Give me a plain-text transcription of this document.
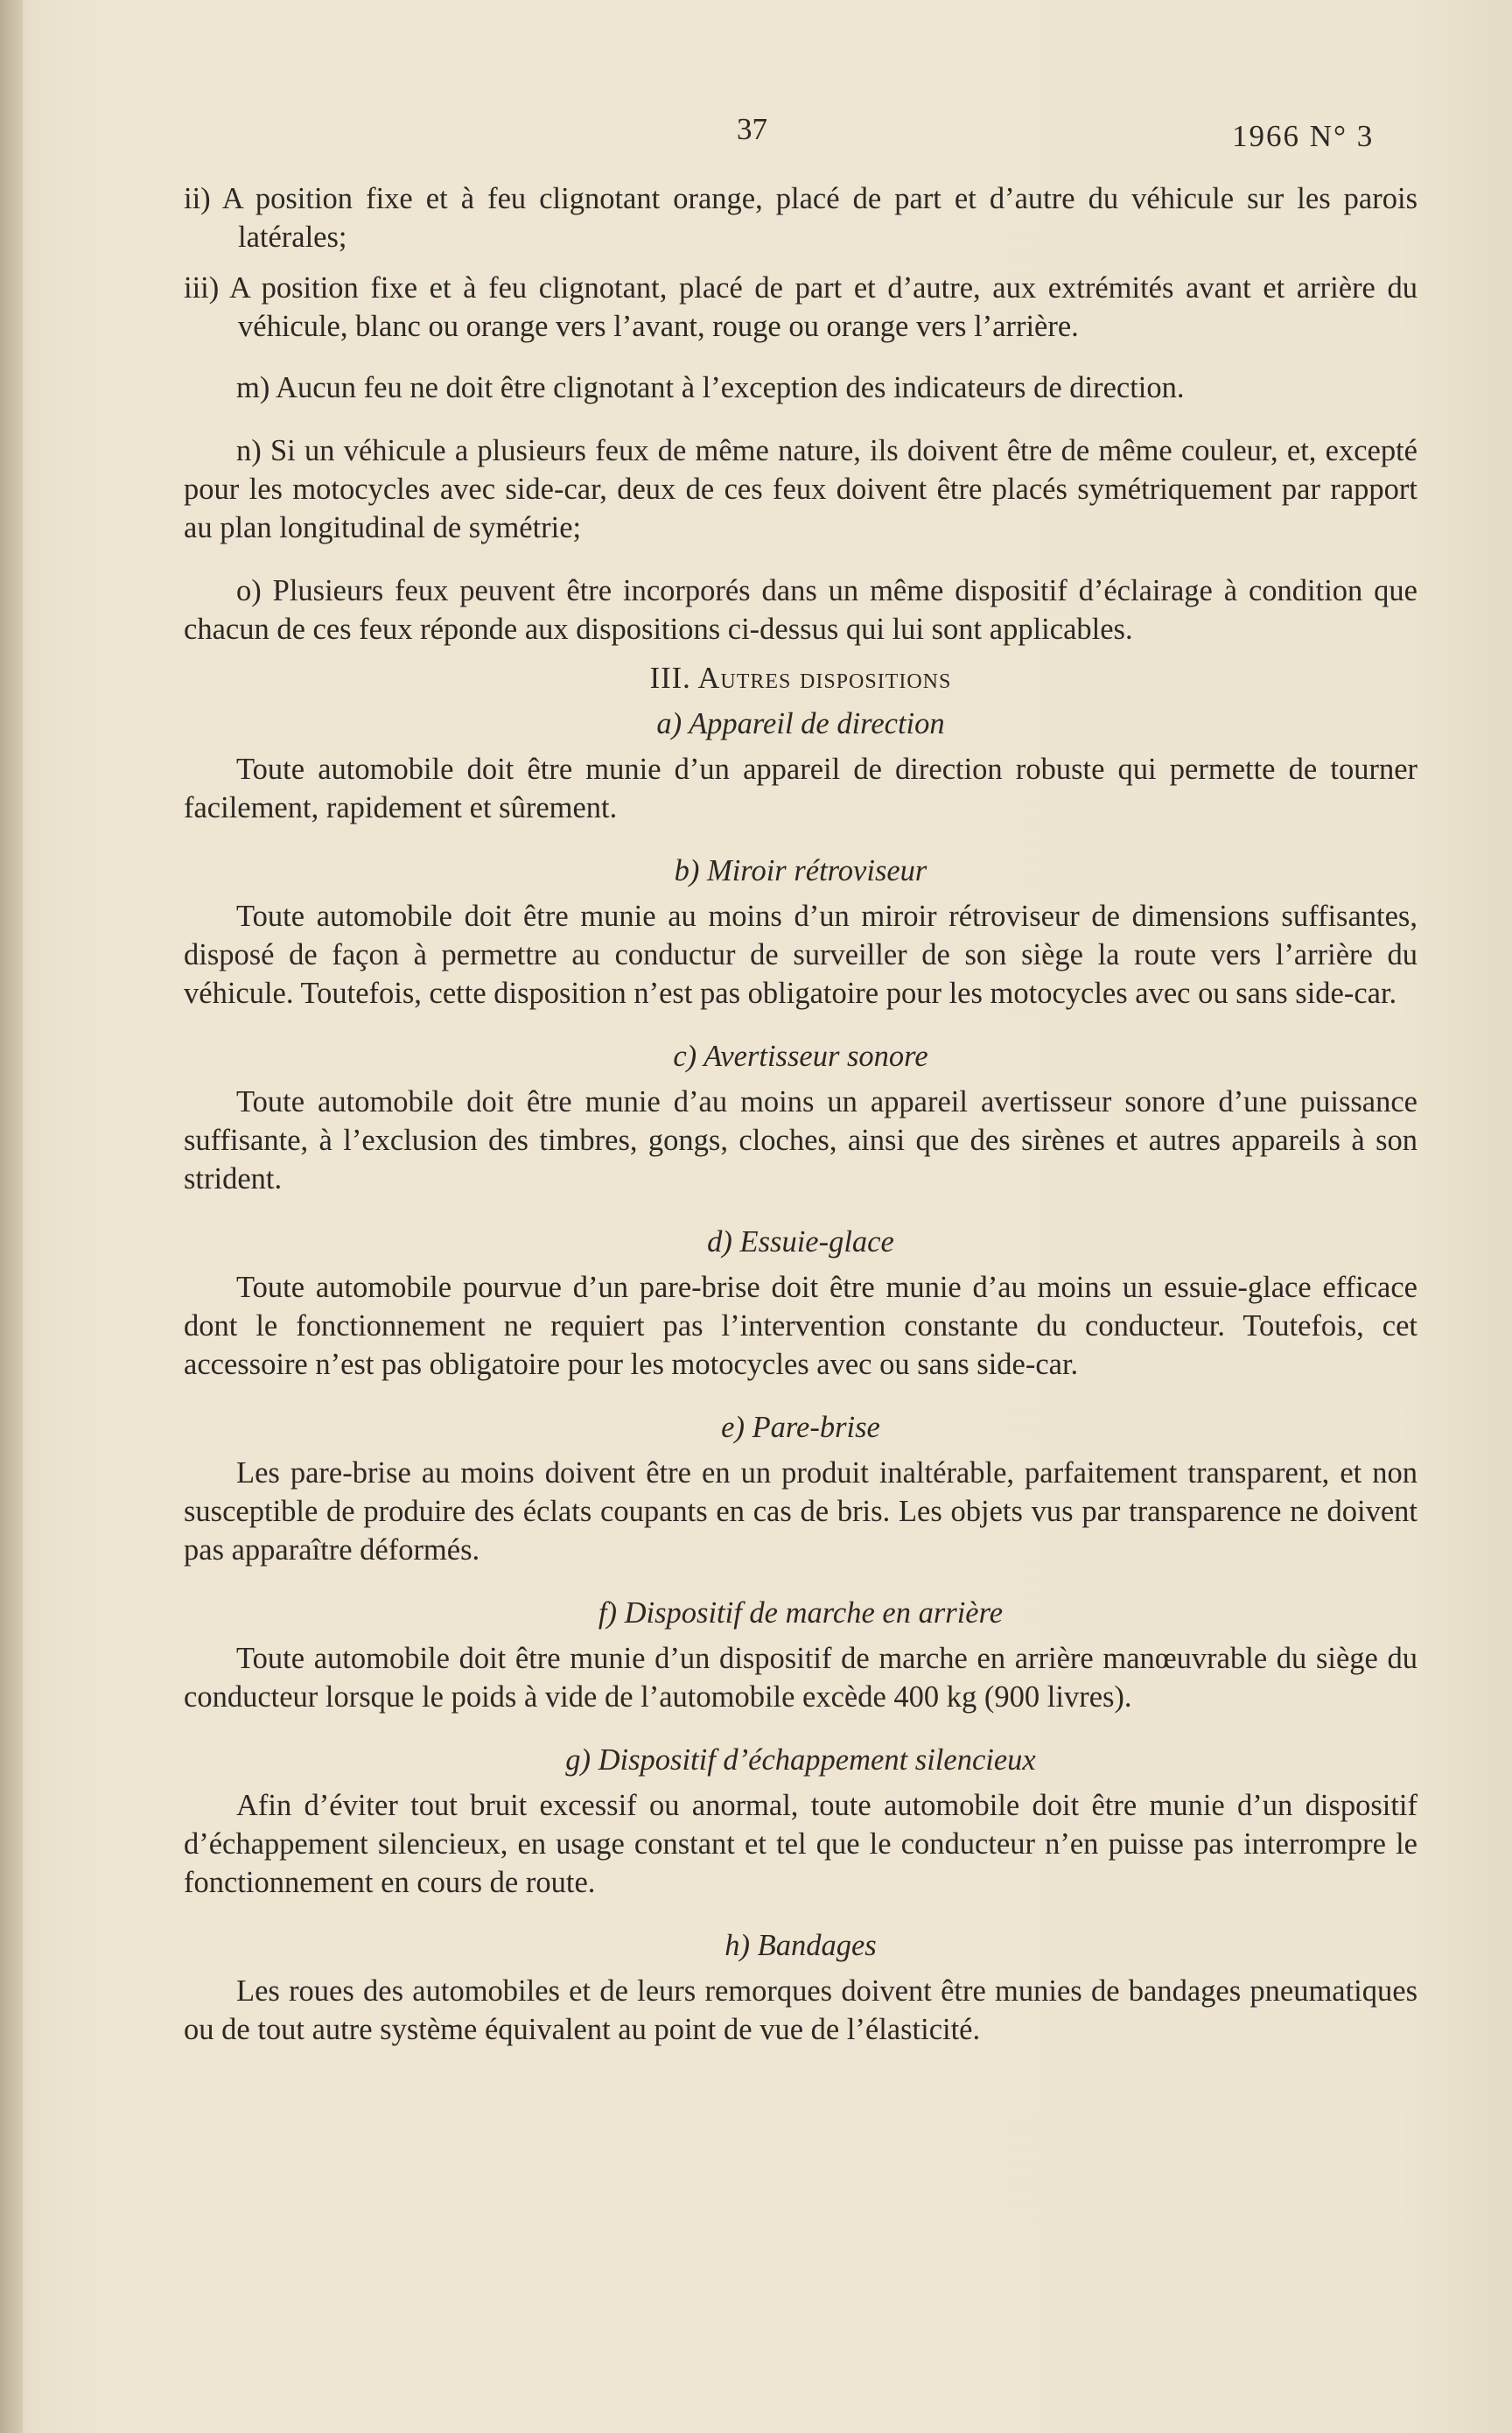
37	1966 N° 3

ii) A position fixe et à feu clignotant orange, placé de part et d’autre du véhicule sur les parois latérales;

iii) A position fixe et à feu clignotant, placé de part et d’autre, aux extrémités avant et arrière du véhicule, blanc ou orange vers l’avant, rouge ou orange vers l’arrière.

m) Aucun feu ne doit être clignotant à l’exception des indicateurs de direction.

n) Si un véhicule a plusieurs feux de même nature, ils doivent être de même couleur, et, excepté pour les motocycles avec side-car, deux de ces feux doivent être placés symétriquement par rapport au plan longitudinal de symétrie;

o) Plusieurs feux peuvent être incorporés dans un même dispositif d’éclairage à condition que chacun de ces feux réponde aux dispositions ci-dessus qui lui sont applicables.

III. Autres dispositions
a) Appareil de direction

Toute automobile doit être munie d’un appareil de direction robuste qui permette de tourner facilement, rapidement et sûrement.

b) Miroir rétroviseur

Toute automobile doit être munie au moins d’un miroir rétroviseur de dimensions suffisantes, disposé de façon à permettre au conductur de surveiller de son siège la route vers l’arrière du véhicule. Toutefois, cette disposition n’est pas obligatoire pour les motocycles avec ou sans side-car.

c) Avertisseur sonore

Toute automobile doit être munie d’au moins un appareil avertisseur sonore d’une puissance suffisante, à l’exclusion des timbres, gongs, cloches, ainsi que des sirènes et autres appareils à son strident.

d) Essuie-glace

Toute automobile pourvue d’un pare-brise doit être munie d’au moins un essuie-glace efficace dont le fonctionnement ne requiert pas l’intervention constante du conducteur. Toutefois, cet accessoire n’est pas obligatoire pour les motocycles avec ou sans side-car.

e) Pare-brise

Les pare-brise au moins doivent être en un produit inaltérable, parfaitement transparent, et non susceptible de produire des éclats coupants en cas de bris. Les objets vus par transparence ne doivent pas apparaître déformés.

f) Dispositif de marche en arrière

Toute automobile doit être munie d’un dispositif de marche en arrière manœuvrable du siège du conducteur lorsque le poids à vide de l’automobile excède 400 kg (900 livres).

g) Dispositif d’échappement silencieux

Afin d’éviter tout bruit excessif ou anormal, toute automobile doit être munie d’un dispositif d’échappement silencieux, en usage constant et tel que le conducteur n’en puisse pas interrompre le fonctionnement en cours de route.

h) Bandages

Les roues des automobiles et de leurs remorques doivent être munies de bandages pneumatiques ou de tout autre système équivalent au point de vue de l’élasticité.
